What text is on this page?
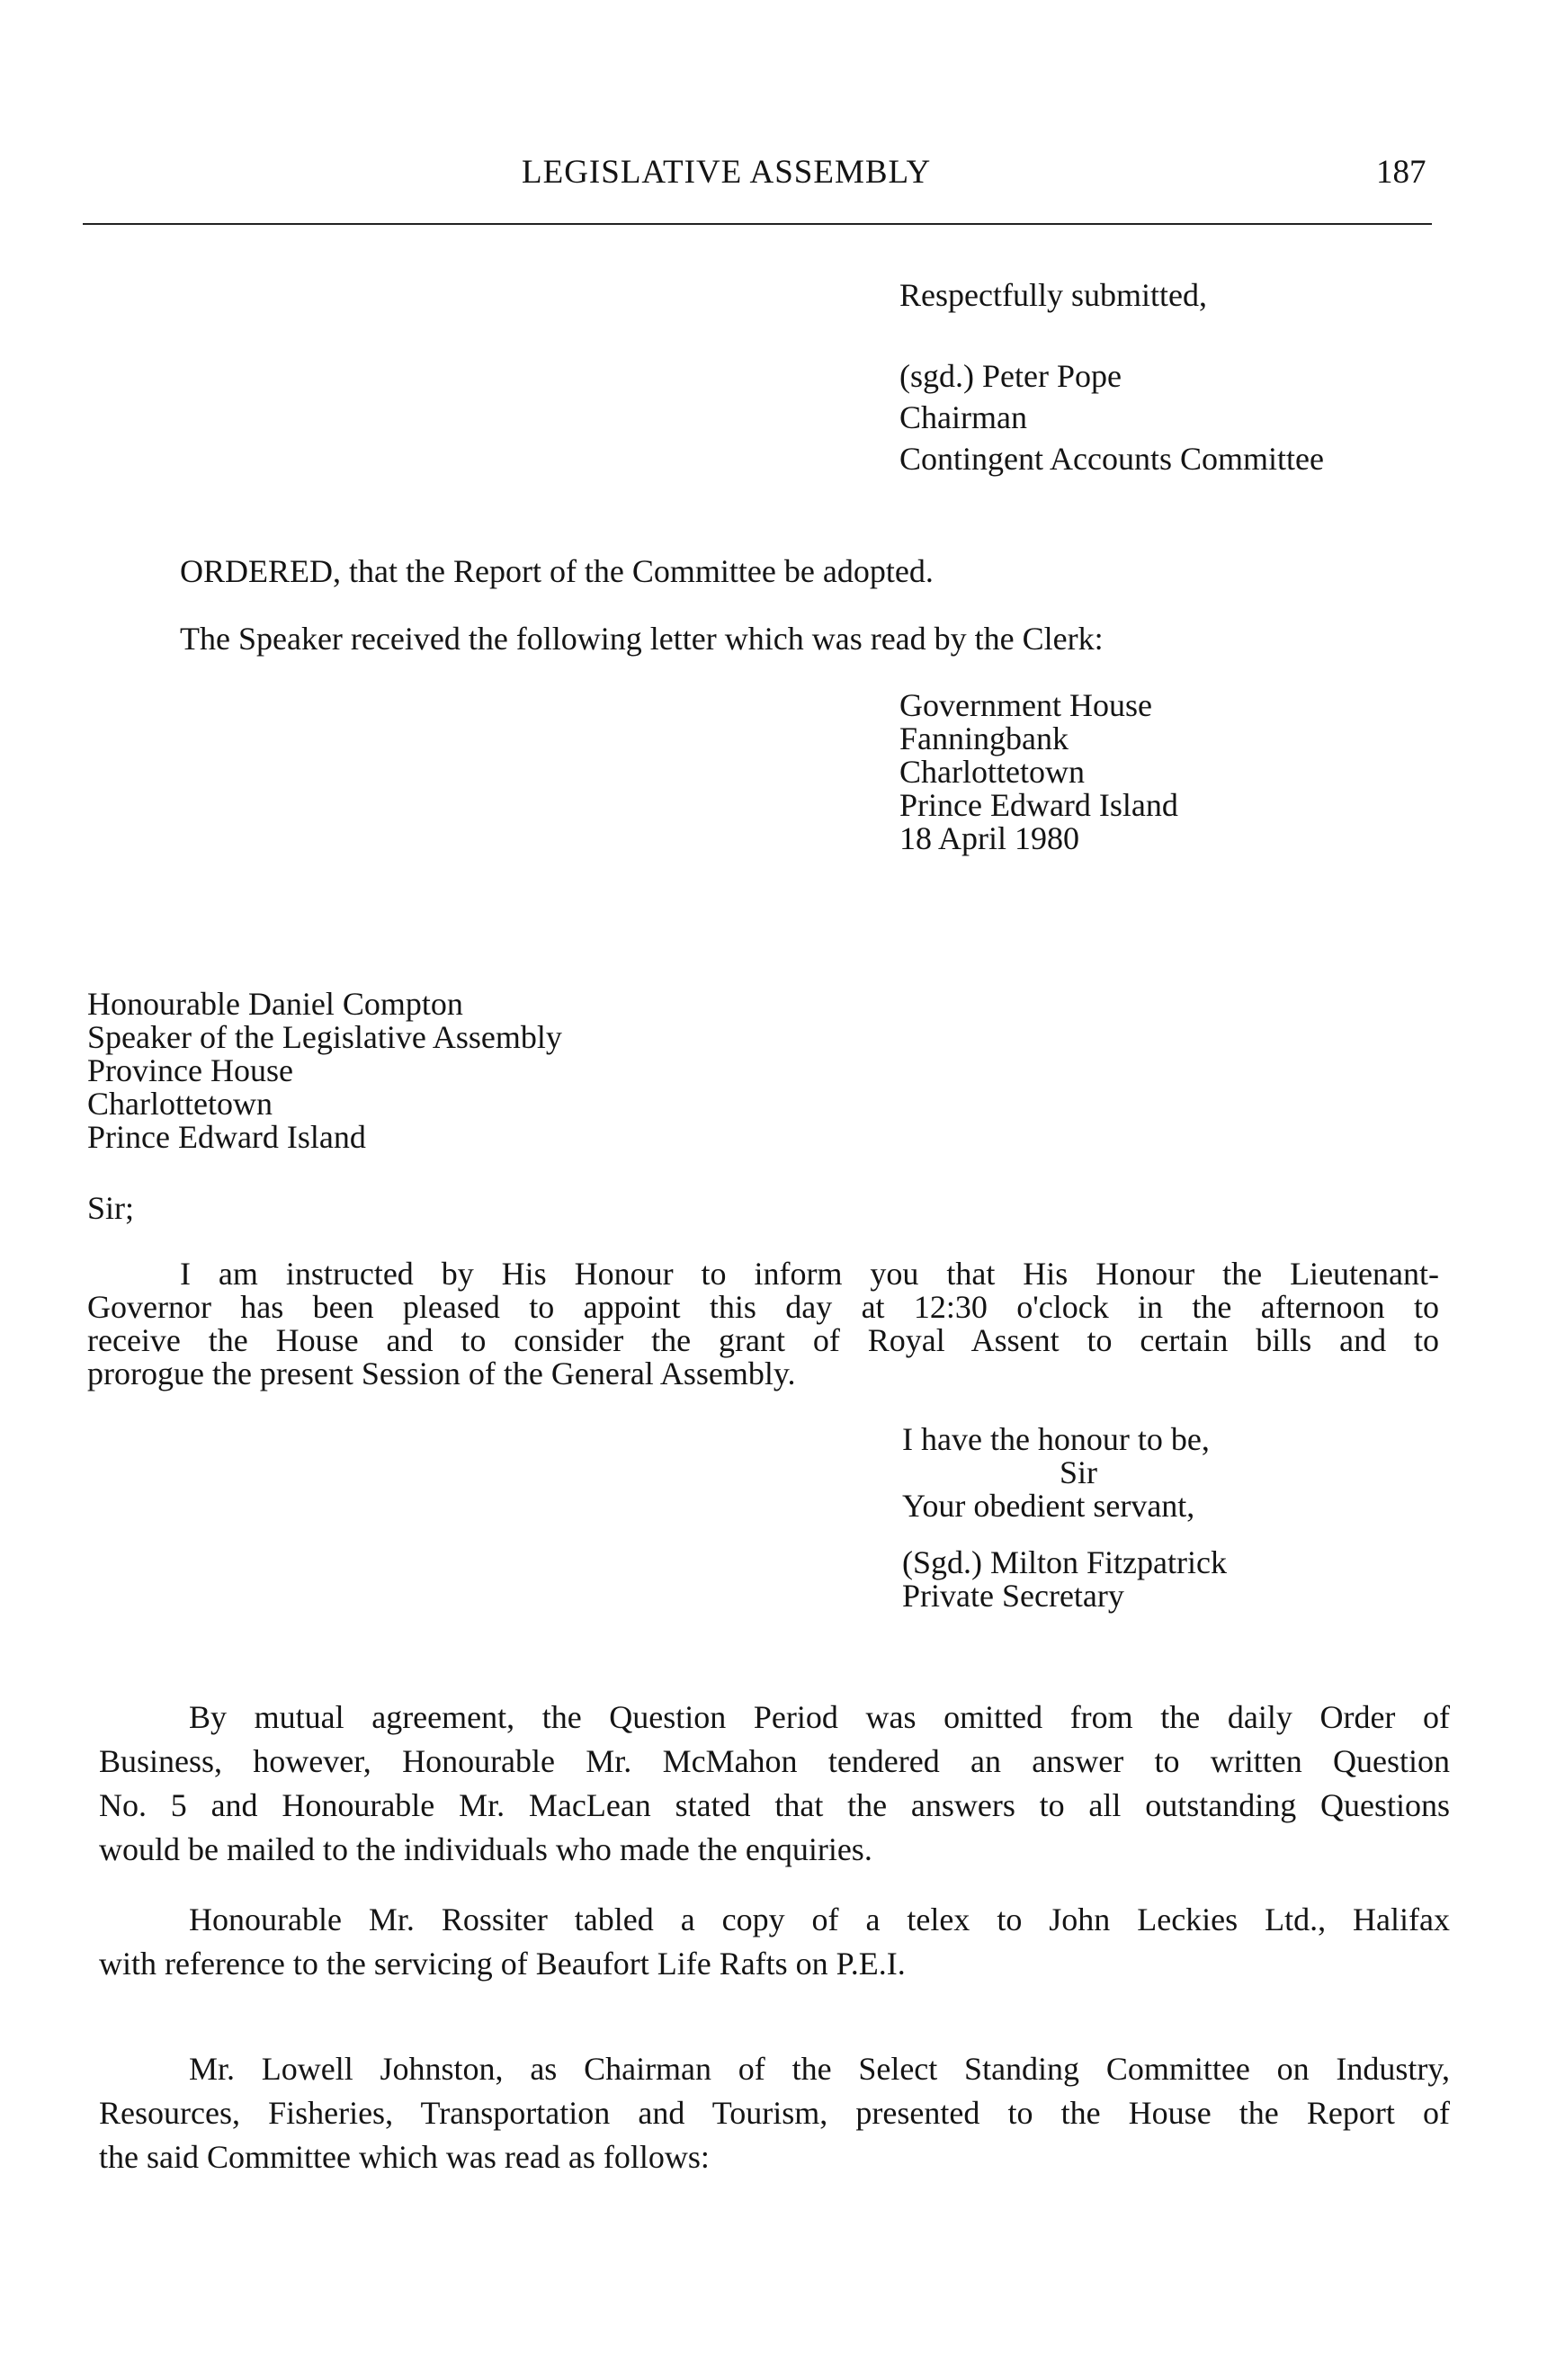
LEGISLATIVE ASSEMBLY	187
Respectfully submitted,
(sgd.) Peter Pope
Chairman
Contingent Accounts Committee
ORDERED, that the Report of the Committee be adopted.
The Speaker received the following letter which was read by the Clerk:
Government House
Fanningbank
Charlottetown
Prince Edward Island
18 April 1980
Honourable Daniel Compton
Speaker of the Legislative Assembly
Province House
Charlottetown
Prince Edward Island
Sir;
I am instructed by His Honour to inform you that His Honour the Lieutenant-
Governor has been pleased to appoint this day at 12:30 o'clock in the afternoon to
receive the House and to consider the grant of Royal Assent to certain bills and to
prorogue the present Session of the General Assembly.
I have the honour to be,
Sir
Your obedient servant,
(Sgd.) Milton Fitzpatrick
Private Secretary
By mutual agreement, the Question Period was omitted from the daily Order of
Business, however, Honourable Mr. McMahon tendered an answer to written Question
No. 5 and Honourable Mr. MacLean stated that the answers to all outstanding Questions
would be mailed to the individuals who made the enquiries.
Honourable Mr. Rossiter tabled a copy of a telex to John Leckies Ltd., Halifax
with reference to the servicing of Beaufort Life Rafts on P.E.I.
Mr. Lowell Johnston, as Chairman of the Select Standing Committee on Industry,
Resources, Fisheries, Transportation and Tourism, presented to the House the Report of
the said Committee which was read as follows:
